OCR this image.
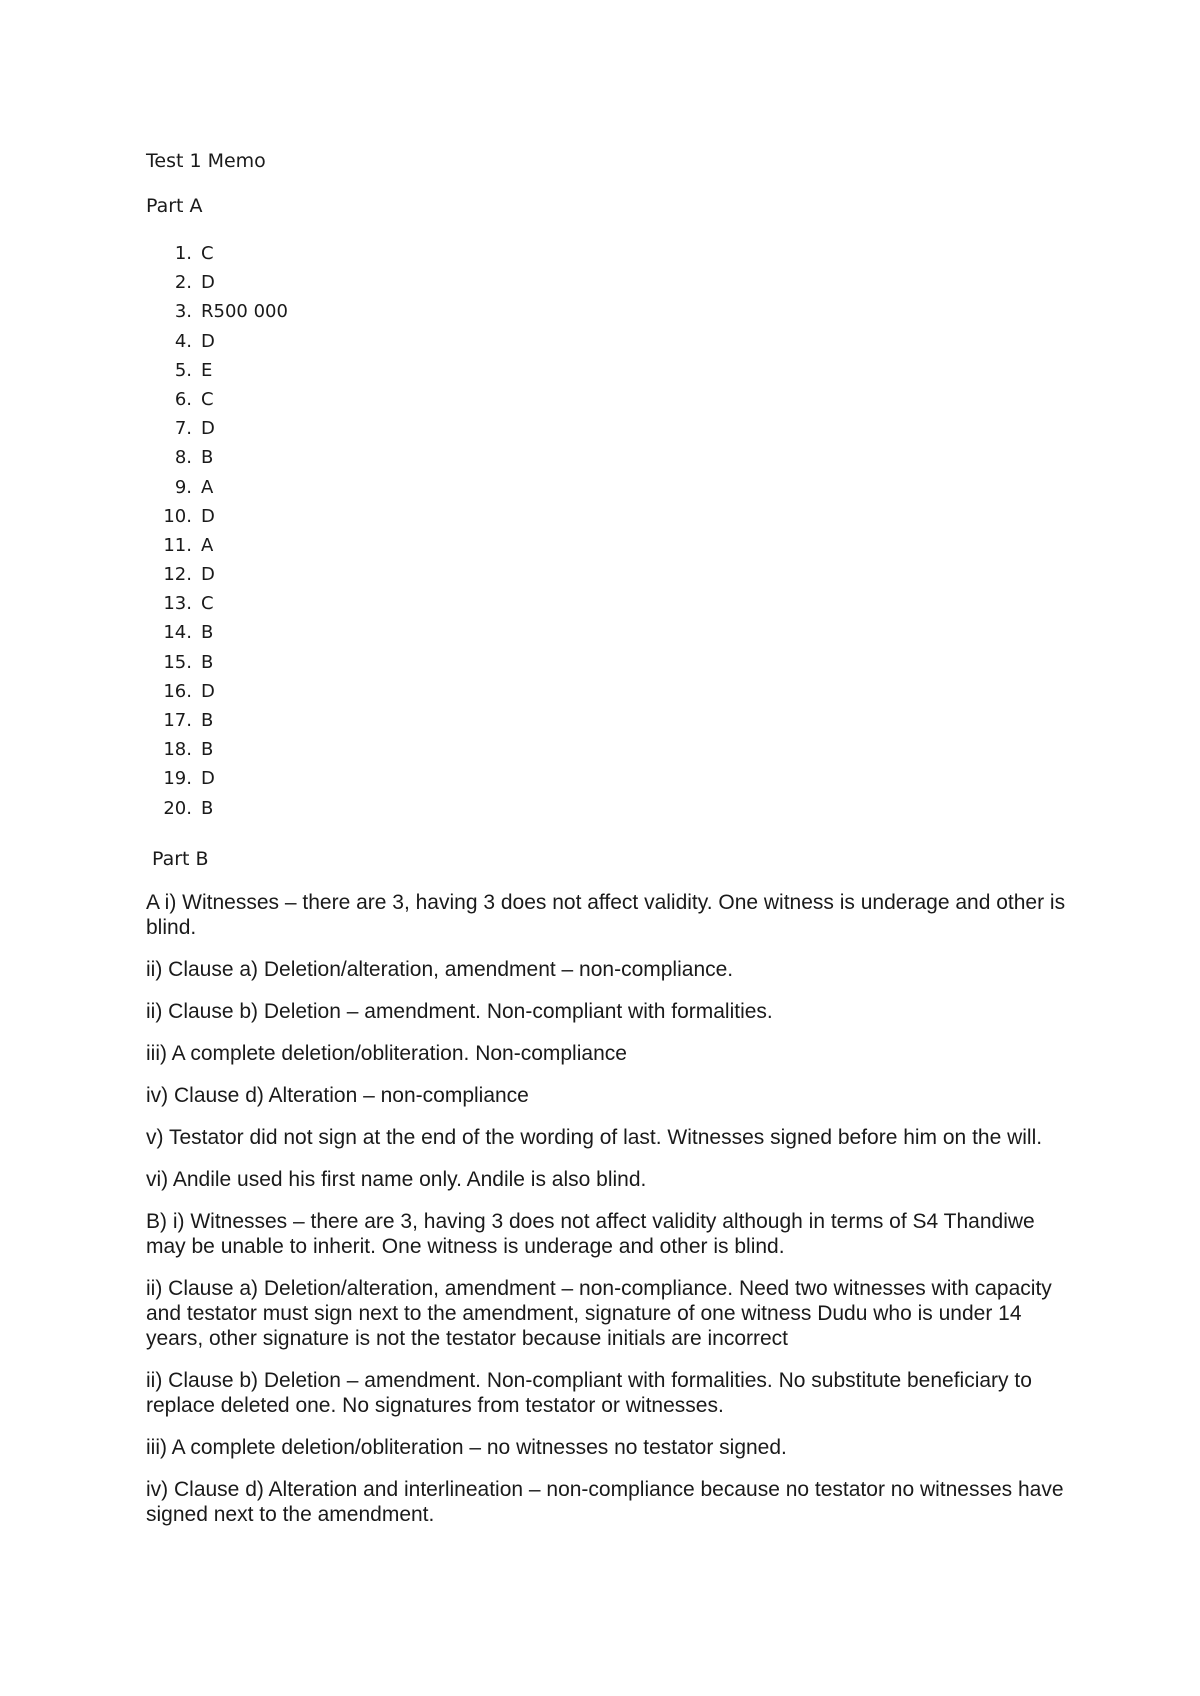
Test 1 Memo
Part A
1. C
2. D
3. R500 000
4. D
5. E
6. C
7. D
8. B
9. A
10. D
11. A
12. D
13. C
14. B
15. B
16. D
17. B
18. B
19. D
20. B
Part B

A i) Witnesses – there are 3, having 3 does not affect validity. One witness is underage and other is blind.

ii) Clause a) Deletion/alteration, amendment – non-compliance.

ii) Clause b) Deletion – amendment. Non-compliant with formalities.

iii) A complete deletion/obliteration. Non-compliance

iv) Clause d) Alteration – non-compliance

v) Testator did not sign at the end of the wording of last. Witnesses signed before him on the will.

vi) Andile used his first name only. Andile is also blind.

B) i) Witnesses – there are 3, having 3 does not affect validity although in terms of S4 Thandiwe may be unable to inherit. One witness is underage and other is blind.

ii) Clause a) Deletion/alteration, amendment – non-compliance. Need two witnesses with capacity and testator must sign next to the amendment, signature of one witness Dudu who is under 14 years, other signature is not the testator because initials are incorrect

ii) Clause b) Deletion – amendment. Non-compliant with formalities. No substitute beneficiary to replace deleted one. No signatures from testator or witnesses.

iii) A complete deletion/obliteration – no witnesses no testator signed.

iv) Clause d) Alteration and interlineation – non-compliance because no testator no witnesses have signed next to the amendment.
